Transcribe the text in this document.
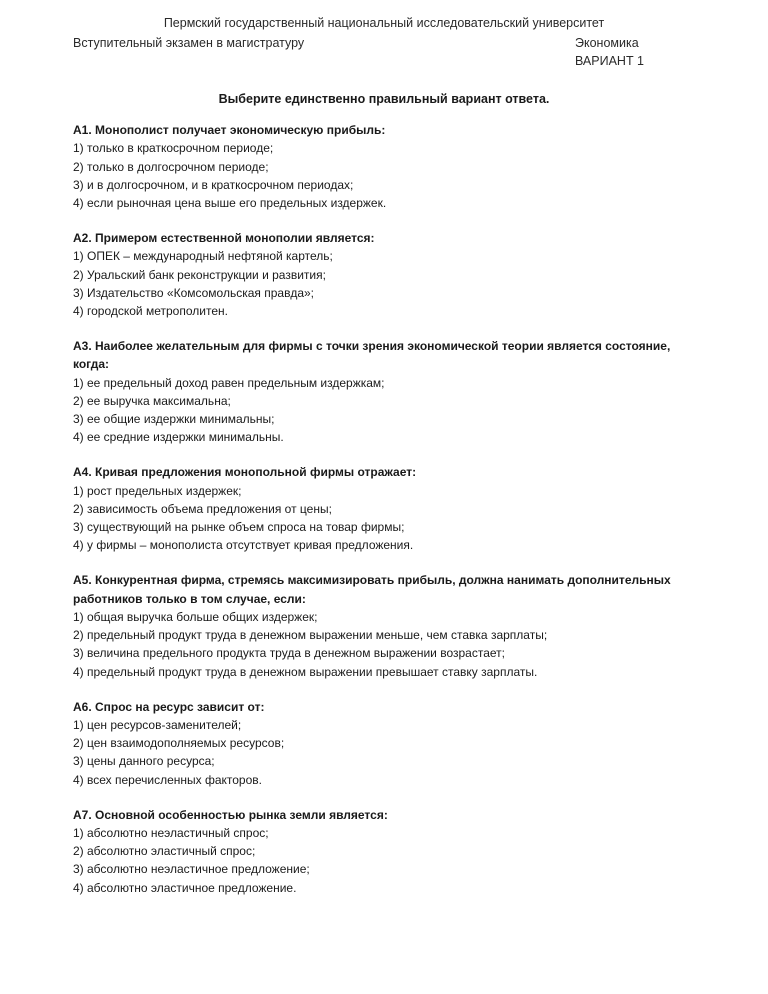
Пермский государственный национальный исследовательский университет
Вступительный экзамен в магистратуру	Экономика
ВАРИАНТ 1
Выберите единственно правильный вариант ответа.
А1. Монополист получает экономическую прибыль:
1) только в краткосрочном периоде;
2) только в долгосрочном периоде;
3) и в долгосрочном, и в краткосрочном периодах;
4) если рыночная цена выше его предельных издержек.
А2. Примером естественной монополии является:
1) ОПЕК – международный нефтяной картель;
2) Уральский банк реконструкции и развития;
3) Издательство «Комсомольская правда»;
4) городской метрополитен.
А3. Наиболее желательным для фирмы с точки зрения экономической теории является состояние, когда:
1) ее предельный доход равен предельным издержкам;
2) ее выручка максимальна;
3) ее общие издержки минимальны;
4) ее средние издержки минимальны.
А4. Кривая предложения монопольной фирмы отражает:
1) рост предельных издержек;
2) зависимость объема предложения от цены;
3) существующий на рынке объем спроса на товар фирмы;
4) у фирмы – монополиста отсутствует кривая предложения.
А5. Конкурентная фирма, стремясь максимизировать прибыль, должна нанимать дополнительных работников только в том случае, если:
1) общая выручка больше общих издержек;
2) предельный продукт труда в денежном выражении меньше, чем ставка зарплаты;
3) величина предельного продукта труда в денежном выражении возрастает;
4) предельный продукт труда в денежном выражении превышает ставку зарплаты.
А6. Спрос на ресурс зависит от:
1) цен ресурсов-заменителей;
2) цен взаимодополняемых ресурсов;
3) цены данного ресурса;
4) всех перечисленных факторов.
А7. Основной особенностью рынка земли является:
1) абсолютно неэластичный спрос;
2) абсолютно эластичный спрос;
3) абсолютно неэластичное предложение;
4) абсолютно эластичное предложение.
